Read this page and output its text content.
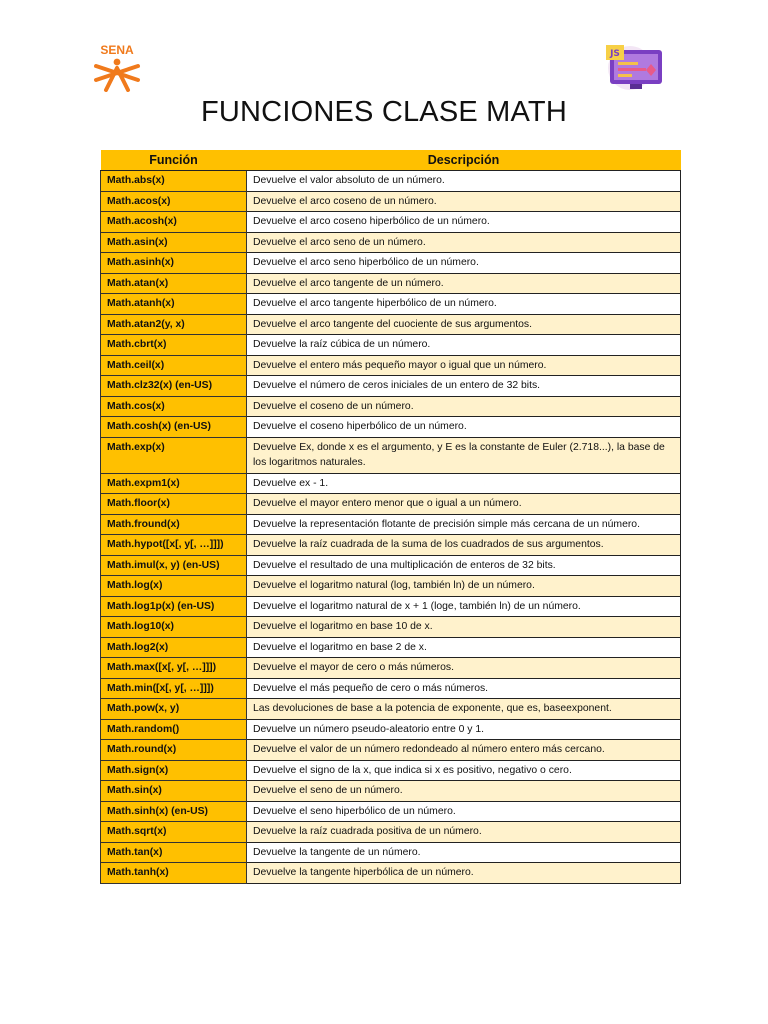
SENA	JS
FUNCIONES CLASE MATH
Función	Descripción
Math.abs(x)	Devuelve el valor absoluto de un número.
Math.acos(x)	Devuelve el arco coseno de un número.
Math.acosh(x)	Devuelve el arco coseno hiperbólico de un número.
Math.asin(x)	Devuelve el arco seno de un número.
Math.asinh(x)	Devuelve el arco seno hiperbólico de un número.
Math.atan(x)	Devuelve el arco tangente de un número.
Math.atanh(x)	Devuelve el arco tangente hiperbólico de un número.
Math.atan2(y, x)	Devuelve el arco tangente del cuociente de sus argumentos.
Math.cbrt(x)	Devuelve la raíz cúbica de un número.
Math.ceil(x)	Devuelve el entero más pequeño mayor o igual que un número.
Math.clz32(x) (en-US)	Devuelve el número de ceros iniciales de un entero de 32 bits.
Math.cos(x)	Devuelve el coseno de un número.
Math.cosh(x) (en-US)	Devuelve el coseno hiperbólico de un número.
Math.exp(x)	Devuelve Ex, donde x es el argumento, y E es la constante de Euler (2.718...), la base de los logaritmos naturales.
Math.expm1(x)	Devuelve ex - 1.
Math.floor(x)	Devuelve el mayor entero menor que o igual a un número.
Math.fround(x)	Devuelve la representación flotante de precisión simple más cercana de un número.
Math.hypot([x[, y[, …]]])	Devuelve la raíz cuadrada de la suma de los cuadrados de sus argumentos.
Math.imul(x, y) (en-US)	Devuelve el resultado de una multiplicación de enteros de 32 bits.
Math.log(x)	Devuelve el logaritmo natural (log, también ln) de un número.
Math.log1p(x) (en-US)	Devuelve el logaritmo natural de x + 1 (loge, también ln) de un número.
Math.log10(x)	Devuelve el logaritmo en base 10 de x.
Math.log2(x)	Devuelve el logaritmo en base 2 de x.
Math.max([x[, y[, …]]])	Devuelve el mayor de cero o más números.
Math.min([x[, y[, …]]])	Devuelve el más pequeño de cero o más números.
Math.pow(x, y)	Las devoluciones de base a la potencia de exponente, que es, baseexponent.
Math.random()	Devuelve un número pseudo-aleatorio entre 0 y 1.
Math.round(x)	Devuelve el valor de un número redondeado al número entero más cercano.
Math.sign(x)	Devuelve el signo de la x, que indica si x es positivo, negativo o cero.
Math.sin(x)	Devuelve el seno de un número.
Math.sinh(x) (en-US)	Devuelve el seno hiperbólico de un número.
Math.sqrt(x)	Devuelve la raíz cuadrada positiva de un número.
Math.tan(x)	Devuelve la tangente de un número.
Math.tanh(x)	Devuelve la tangente hiperbólica de un número.
